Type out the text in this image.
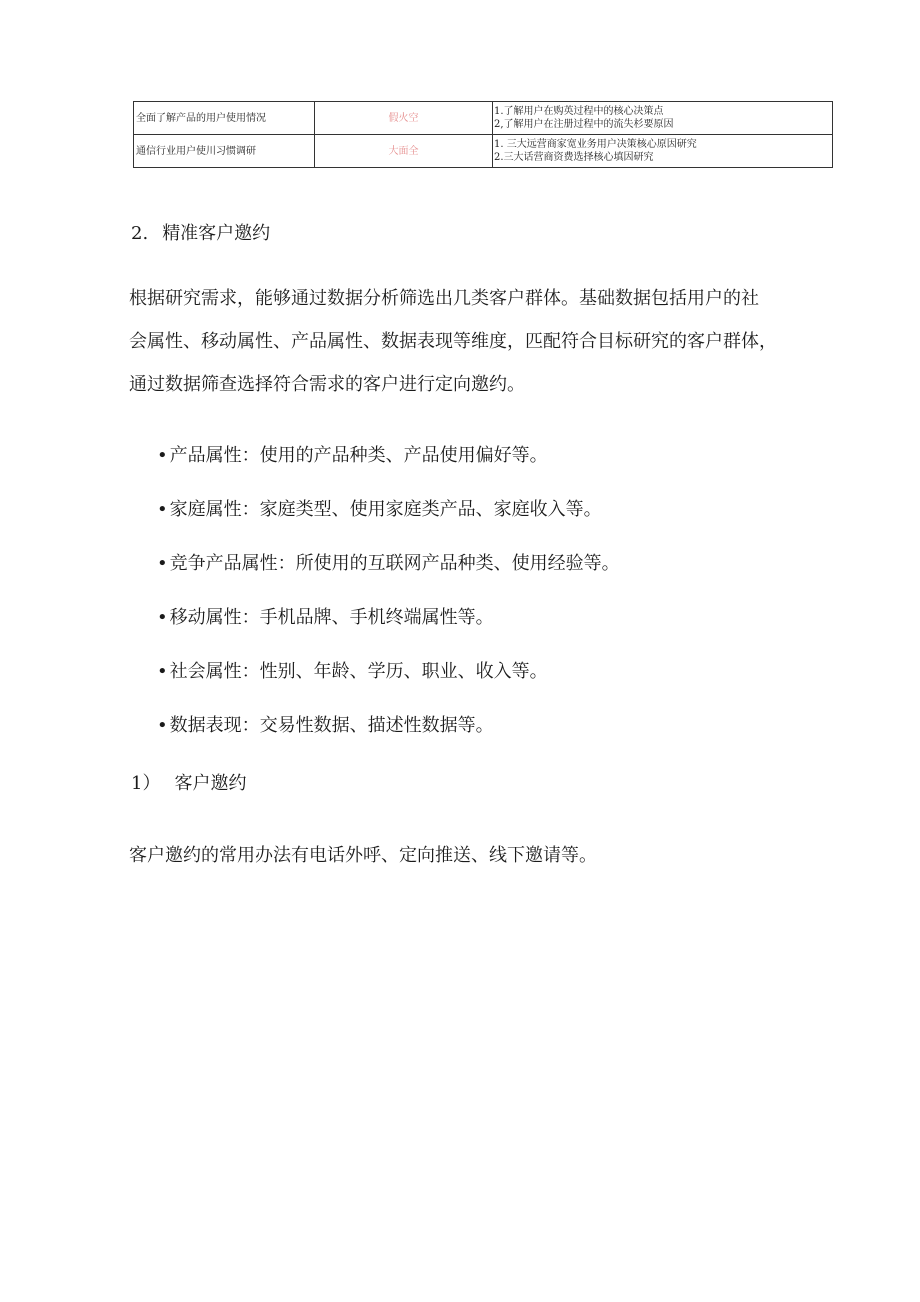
全面了解产品的用户使用情况	假火空	1.了解用户在购英过程中的核心决策点
2,了解用户在注册过程中的流失杉要原因

通信行业用户使川习惯调研	大面全	1. 三大远营商家宽业务用户决策核心原因研究
2.三大话营商资费选择核心填因研究
2. 精准客户邀约
根据研究需求，能够通过数据分析筛选出几类客户群体。基础数据包括用户的社
会属性、移动属性、产品属性、数据表现等维度，匹配符合目标研究的客户群体，
通过数据筛查选择符合需求的客户进行定向邀约。
• 产品属性：使用的产品种类、产品使用偏好等。
• 家庭属性：家庭类型、使用家庭类产品、家庭收入等。
• 竞争产品属性：所使用的互联网产品种类、使用经验等。
• 移动属性：手机品牌、手机终端属性等。
• 社会属性：性别、年龄、学历、职业、收入等。
• 数据表现：交易性数据、描述性数据等。
1） 客户邀约
客户邀约的常用办法有电话外呼、定向推送、线下邀请等。
